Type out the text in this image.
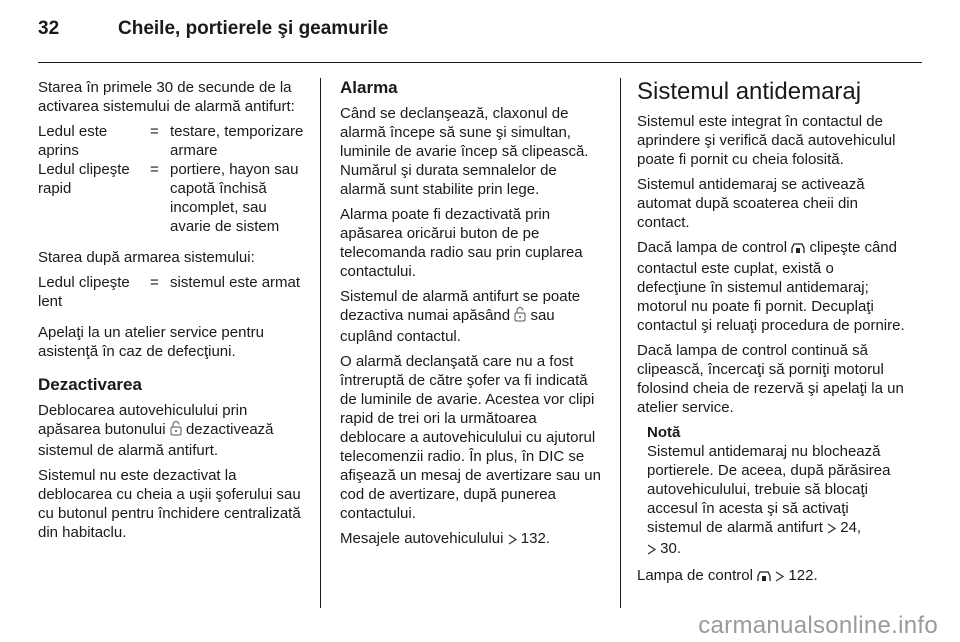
32	Cheile, portierele şi geamurile

Starea în primele 30 de secunde de la activarea sistemului de alarmă antifurt:

Ledul este aprins
= testare, temporizare armare
Ledul clipeşte rapid
= portiere, hayon sau capotă închisă incomplet, sau avarie de sistem

Starea după armarea sistemului:

Ledul clipeşte lent
= sistemul este armat

Apelaţi la un atelier service pentru asistenţă în caz de defecţiuni.

Dezactivarea

Deblocarea autovehiculului prin apăsarea butonului dezactivează sistemul de alarmă antifurt.

Sistemul nu este dezactivat la deblocarea cu cheia a uşii şoferului sau cu butonul pentru închidere centralizată din habitaclu.

Alarma

Când se declanşează, claxonul de alarmă începe să sune şi simultan, luminile de avarie încep să clipească. Numărul şi durata semnalelor de alarmă sunt stabilite prin lege.

Alarma poate fi dezactivată prin apăsarea oricărui buton de pe telecomanda radio sau prin cuplarea contactului.

Sistemul de alarmă antifurt se poate dezactiva numai apăsând sau cuplând contactul.

O alarmă declanşată care nu a fost întreruptă de către şofer va fi indicată de luminile de avarie. Acestea vor clipi rapid de trei ori la următoarea deblocare a autovehiculului cu ajutorul telecomenzii radio. În plus, în DIC se afişează un mesaj de avertizare sau un cod de avertizare, după punerea contactului.

Mesajele autovehiculului 132.

Sistemul antidemaraj

Sistemul este integrat în contactul de aprindere şi verifică dacă autovehiculul poate fi pornit cu cheia folosită.

Sistemul antidemaraj se activează automat după scoaterea cheii din contact.

Dacă lampa de control clipeşte când contactul este cuplat, există o defecţiune în sistemul antidemaraj; motorul nu poate fi pornit. Decuplaţi contactul şi reluaţi procedura de pornire.

Dacă lampa de control continuă să clipească, încercaţi să porniţi motorul folosind cheia de rezervă şi apelaţi la un atelier service.

Notă

Sistemul antidemaraj nu blochează portierele. De aceea, după părăsirea autovehiculului, trebuie să blocaţi accesul în acesta şi să activaţi sistemul de alarmă antifurt 24,
30.

Lampa de control 122.

carmanualsonline.info
